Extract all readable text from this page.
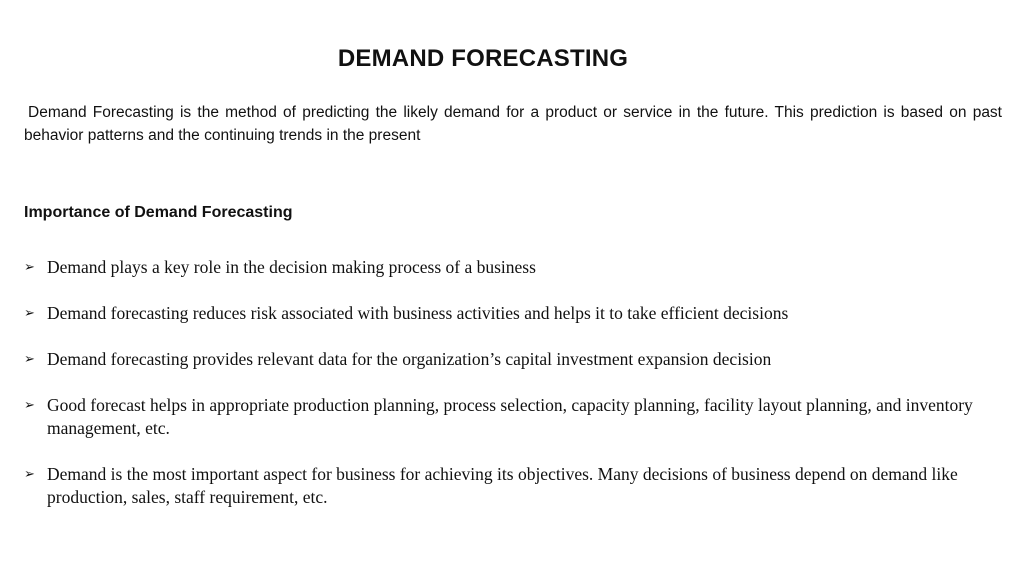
DEMAND FORECASTING

Demand Forecasting is the method of predicting the likely demand for a product or service in the future. This prediction is based on past behavior patterns and the continuing trends in the present

Importance of Demand Forecasting
➢ Demand plays a key role in the decision making process of a business
➢ Demand forecasting reduces risk associated with business activities and helps it to take efficient decisions
➢ Demand forecasting provides relevant data for the organization’s capital investment expansion decision
➢ Good forecast helps in appropriate production planning, process selection, capacity planning, facility layout planning, and inventory management, etc.
➢ Demand is the most important aspect for business for achieving its objectives. Many decisions of business depend on demand like production, sales, staff requirement, etc.
